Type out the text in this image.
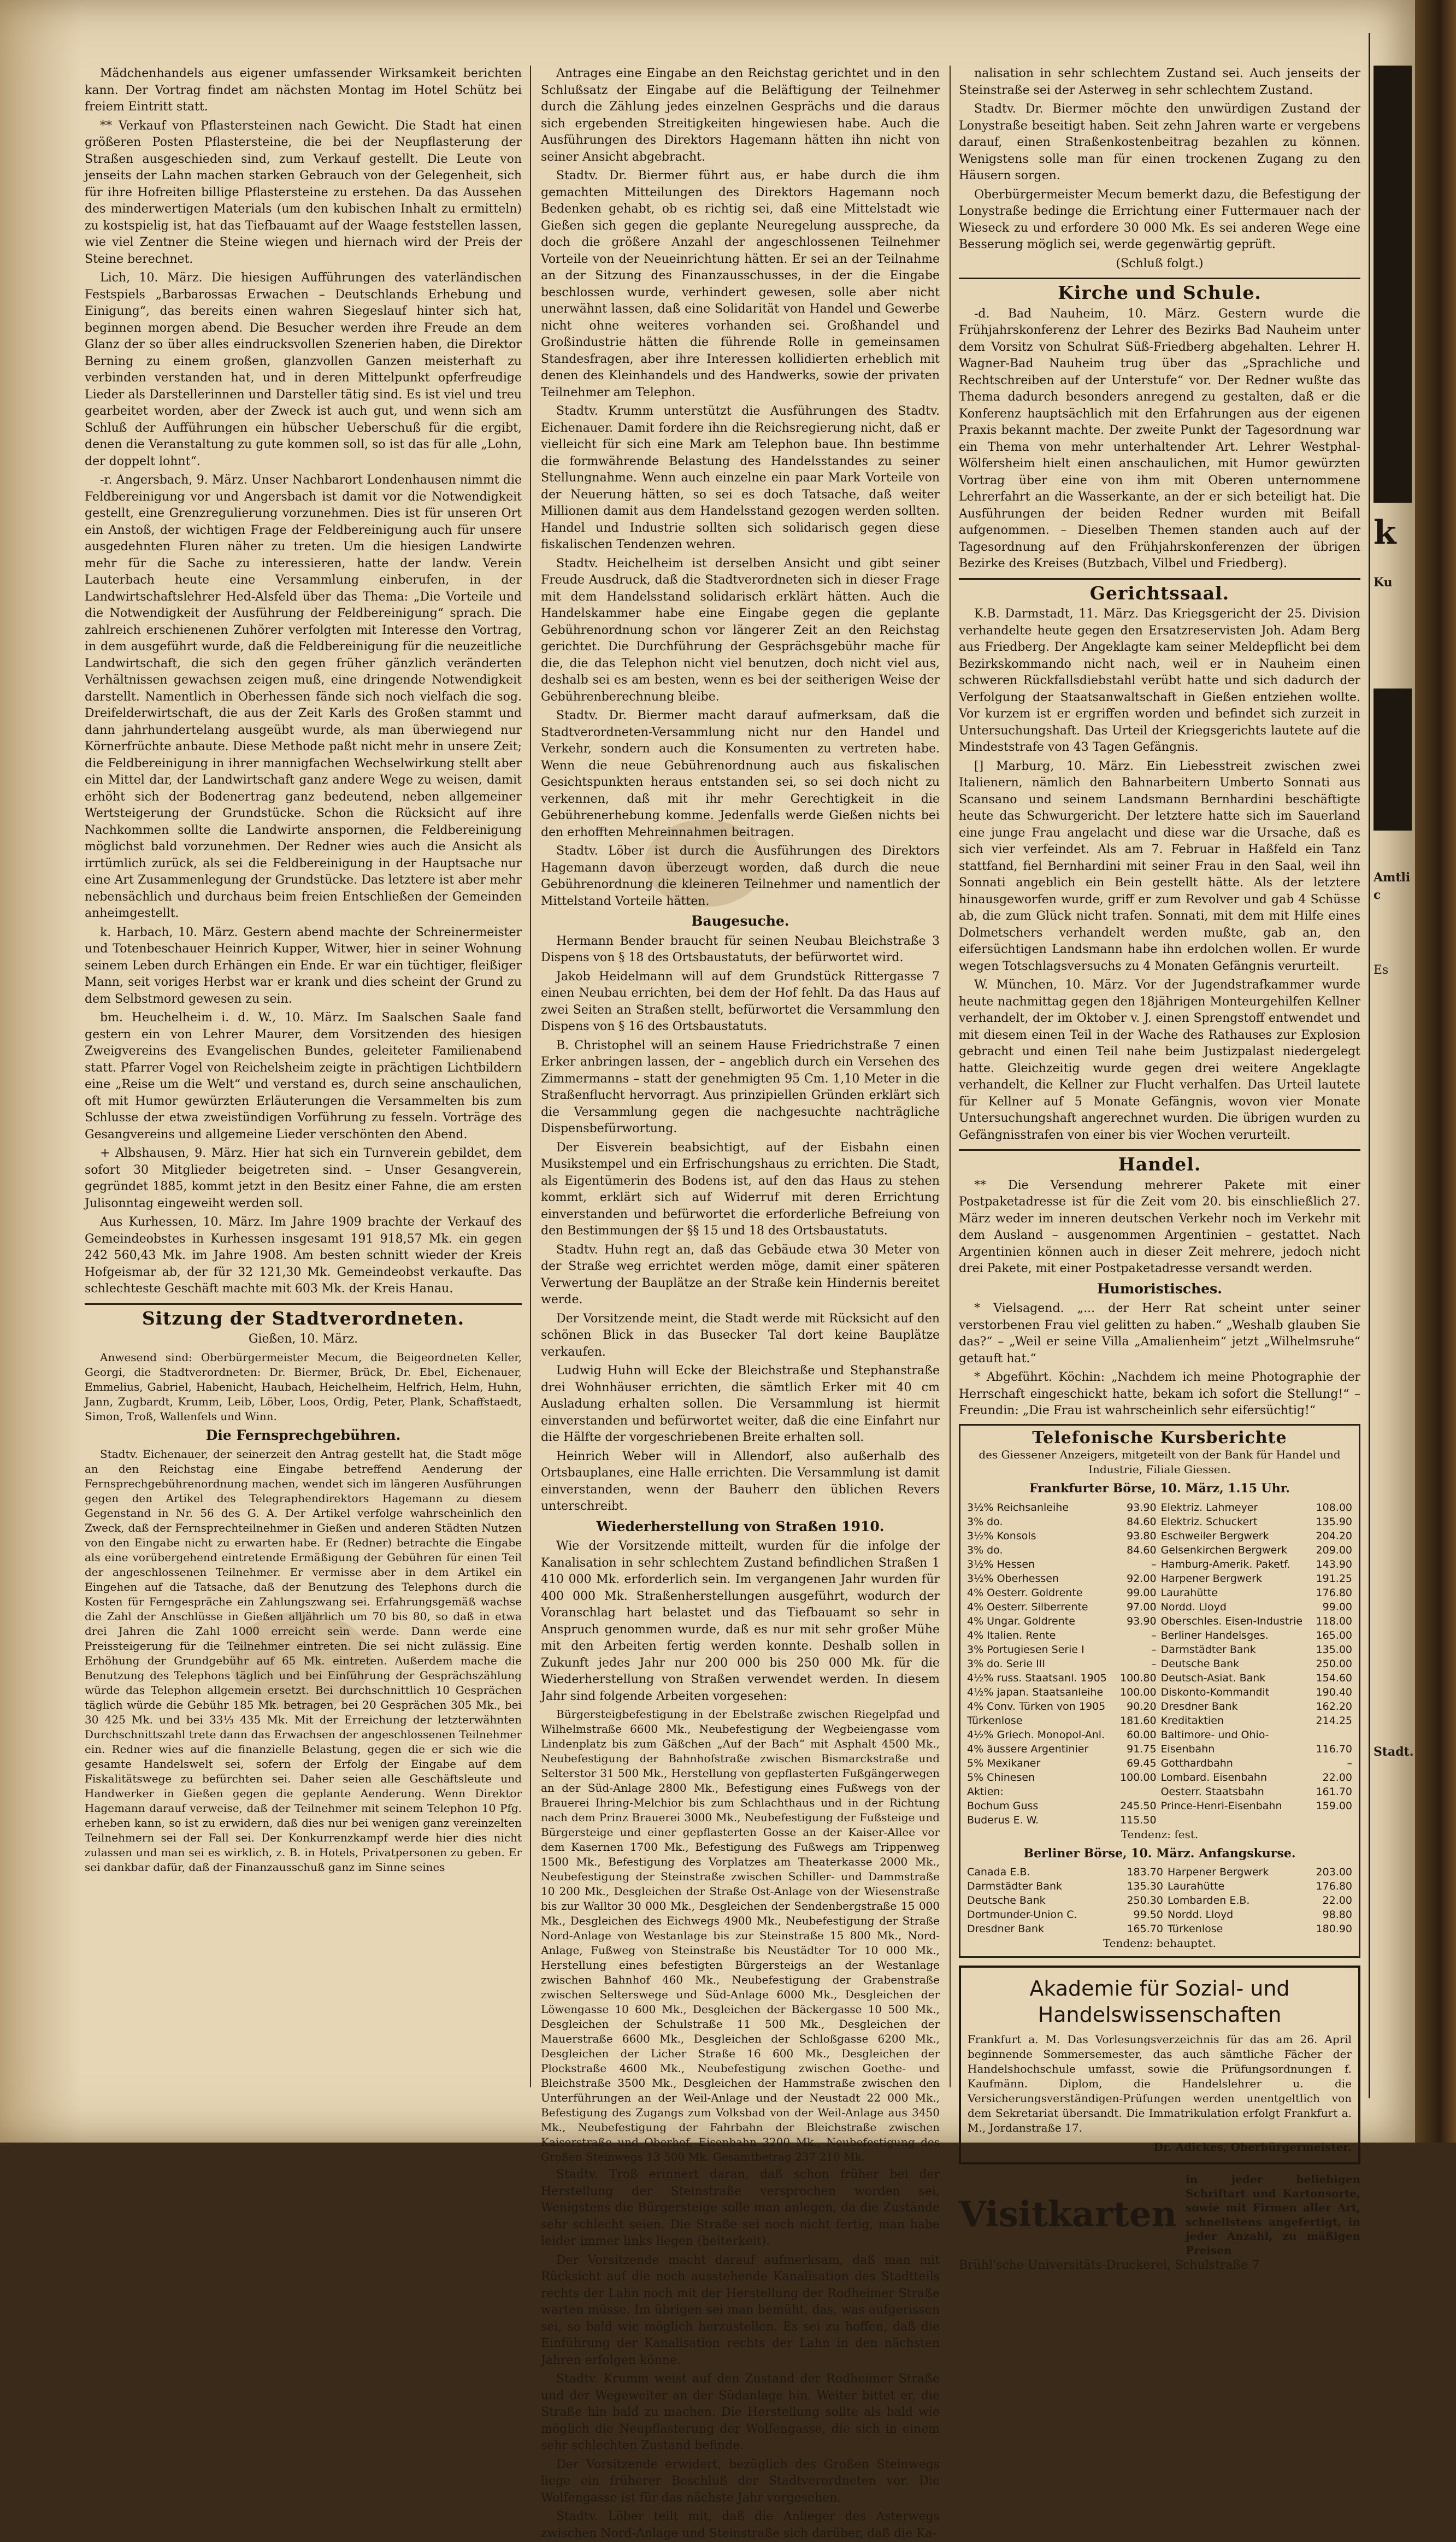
Mädchenhandels aus eigener umfassender Wirksamkeit berichten kann. Der Vortrag findet am nächsten Montag im Hotel Schütz bei freiem Eintritt statt.

** Verkauf von Pflastersteinen nach Gewicht. Die Stadt hat einen größeren Posten Pflastersteine, die bei der Neupflasterung der Straßen ausgeschieden sind, zum Verkauf gestellt. Die Leute von jenseits der Lahn machen starken Gebrauch von der Gelegenheit, sich für ihre Hofreiten billige Pflastersteine zu erstehen. Da das Aussehen des minderwertigen Materials (um den kubischen Inhalt zu ermitteln) zu kostspielig ist, hat das Tiefbauamt auf der Waage feststellen lassen, wie viel Zentner die Steine wiegen und hiernach wird der Preis der Steine berechnet.

Lich, 10. März. Die hiesigen Aufführungen des vaterländischen Festspiels „Barbarossas Erwachen – Deutschlands Erhebung und Einigung“, das bereits einen wahren Siegeslauf hinter sich hat, beginnen morgen abend. Die Besucher werden ihre Freude an dem Glanz der so über alles eindrucksvollen Szenerien haben, die Direktor Berning zu einem großen, glanzvollen Ganzen meisterhaft zu verbinden verstanden hat, und in deren Mittelpunkt opferfreudige Lieder als Darstellerinnen und Darsteller tätig sind. Es ist viel und treu gearbeitet worden, aber der Zweck ist auch gut, und wenn sich am Schluß der Aufführungen ein hübscher Ueberschuß für die ergibt, denen die Veranstaltung zu gute kommen soll, so ist das für alle „Lohn, der doppelt lohnt“.

-r. Angersbach, 9. März. Unser Nachbarort Londenhausen nimmt die Feldbereinigung vor und Angersbach ist damit vor die Notwendigkeit gestellt, eine Grenzregulierung vorzunehmen. Dies ist für unseren Ort ein Anstoß, der wichtigen Frage der Feldbereinigung auch für unsere ausgedehnten Fluren näher zu treten. Um die hiesigen Landwirte mehr für die Sache zu interessieren, hatte der landw. Verein Lauterbach heute eine Versammlung einberufen, in der Landwirtschaftslehrer Hed-Alsfeld über das Thema: „Die Vorteile und die Notwendigkeit der Ausführung der Feldbereinigung“ sprach. Die zahlreich erschienenen Zuhörer verfolgten mit Interesse den Vortrag, in dem ausgeführt wurde, daß die Feldbereinigung für die neuzeitliche Landwirtschaft, die sich den gegen früher gänzlich veränderten Verhältnissen gewachsen zeigen muß, eine dringende Notwendigkeit darstellt. Namentlich in Oberhessen fände sich noch vielfach die sog. Dreifelderwirtschaft, die aus der Zeit Karls des Großen stammt und dann jahrhundertelang ausgeübt wurde, als man überwiegend nur Körnerfrüchte anbaute. Diese Methode paßt nicht mehr in unsere Zeit; die Feldbereinigung in ihrer mannigfachen Wechselwirkung stellt aber ein Mittel dar, der Landwirtschaft ganz andere Wege zu weisen, damit erhöht sich der Bodenertrag ganz bedeutend, neben allgemeiner Wertsteigerung der Grundstücke. Schon die Rücksicht auf ihre Nachkommen sollte die Landwirte anspornen, die Feldbereinigung möglichst bald vorzunehmen. Der Redner wies auch die Ansicht als irrtümlich zurück, als sei die Feldbereinigung in der Hauptsache nur eine Art Zusammenlegung der Grundstücke. Das letztere ist aber mehr nebensächlich und durchaus beim freien Entschließen der Gemeinden anheimgestellt.

k. Harbach, 10. März. Gestern abend machte der Schreinermeister und Totenbeschauer Heinrich Kupper, Witwer, hier in seiner Wohnung seinem Leben durch Erhängen ein Ende. Er war ein tüchtiger, fleißiger Mann, seit voriges Herbst war er krank und dies scheint der Grund zu dem Selbstmord gewesen zu sein.

bm. Heuchelheim i. d. W., 10. März. Im Saalschen Saale fand gestern ein von Lehrer Maurer, dem Vorsitzenden des hiesigen Zweigvereins des Evangelischen Bundes, geleiteter Familienabend statt. Pfarrer Vogel von Reichelsheim zeigte in prächtigen Lichtbildern eine „Reise um die Welt“ und verstand es, durch seine anschaulichen, oft mit Humor gewürzten Erläuterungen die Versammelten bis zum Schlusse der etwa zweistündigen Vorführung zu fesseln. Vorträge des Gesangvereins und allgemeine Lieder verschönten den Abend.

+ Albshausen, 9. März. Hier hat sich ein Turnverein gebildet, dem sofort 30 Mitglieder beigetreten sind. – Unser Gesangverein, gegründet 1885, kommt jetzt in den Besitz einer Fahne, die am ersten Julisonntag eingeweiht werden soll.

Aus Kurhessen, 10. März. Im Jahre 1909 brachte der Verkauf des Gemeindeobstes in Kurhessen insgesamt 191 918,57 Mk. ein gegen 242 560,43 Mk. im Jahre 1908. Am besten schnitt wieder der Kreis Hofgeismar ab, der für 32 121,30 Mk. Gemeindeobst verkaufte. Das schlechteste Geschäft machte mit 603 Mk. der Kreis Hanau.

Sitzung der Stadtverordneten.

Gießen, 10. März.

Anwesend sind: Oberbürgermeister Mecum, die Beigeordneten Keller, Georgi, die Stadtverordneten: Dr. Biermer, Brück, Dr. Ebel, Eichenauer, Emmelius, Gabriel, Habenicht, Haubach, Heichelheim, Helfrich, Helm, Huhn, Jann, Zugbardt, Krumm, Leib, Löber, Loos, Ordig, Peter, Plank, Schaffstaedt, Simon, Troß, Wallenfels und Winn.

Die Fernsprechgebühren.

Stadtv. Eichenauer, der seinerzeit den Antrag gestellt hat, die Stadt möge an den Reichstag eine Eingabe betreffend Aenderung der Fernsprechgebührenordnung machen, wendet sich im längeren Ausführungen gegen den Artikel des Telegraphendirektors Hagemann zu diesem Gegenstand in Nr. 56 des G. A. Der Artikel verfolge wahrscheinlich den Zweck, daß der Fernsprechteilnehmer in Gießen und anderen Städten Nutzen von den Eingabe nicht zu erwarten habe. Er (Redner) betrachte die Eingabe als eine vorübergehend eintretende Ermäßigung der Gebühren für einen Teil der angeschlossenen Teilnehmer. Er vermisse aber in dem Artikel ein Eingehen auf die Tatsache, daß der Benutzung des Telephons durch die Kosten für Ferngespräche ein Zahlungszwang sei. Erfahrungsgemäß wachse die Zahl der Anschlüsse in Gießen alljährlich um 70 bis 80, so daß in etwa drei Jahren die Zahl 1000 erreicht sein werde. Dann werde eine Preissteigerung für die Teilnehmer eintreten. Die sei nicht zulässig. Eine Erhöhung der Grundgebühr auf 65 Mk. eintreten. Außerdem mache die Benutzung des Telephons täglich und bei Einführung der Gesprächszählung würde das Telephon allgemein ersetzt. Bei durchschnittlich 10 Gesprächen täglich würde die Gebühr 185 Mk. betragen, bei 20 Gesprächen 305 Mk., bei 30 425 Mk. und bei 33⅓ 435 Mk. Mit der Erreichung der letzterwähnten Durchschnittszahl trete dann das Erwachsen der angeschlossenen Teilnehmer ein. Redner wies auf die finanzielle Belastung, gegen die er sich wie die gesamte Handelswelt sei, sofern der Erfolg der Eingabe auf dem Fiskalitätswege zu befürchten sei. Daher seien alle Geschäftsleute und Handwerker in Gießen gegen die geplante Aenderung. Wenn Direktor Hagemann darauf verweise, daß der Teilnehmer mit seinem Telephon 10 Pfg. erheben kann, so ist zu erwidern, daß dies nur bei wenigen ganz vereinzelten Teilnehmern sei der Fall sei. Der Konkurrenzkampf werde hier dies nicht zulassen und man sei es wirklich, z. B. in Hotels, Privatpersonen zu geben. Er sei dankbar dafür, daß der Finanzausschuß ganz im Sinne seines

Antrages eine Eingabe an den Reichstag gerichtet und in den Schlußsatz der Eingabe auf die Beläftigung der Teilnehmer durch die Zählung jedes einzelnen Gesprächs und die daraus sich ergebenden Streitigkeiten hingewiesen habe. Auch die Ausführungen des Direktors Hagemann hätten ihn nicht von seiner Ansicht abgebracht.

Stadtv. Dr. Biermer führt aus, er habe durch die ihm gemachten Mitteilungen des Direktors Hagemann noch Bedenken gehabt, ob es richtig sei, daß eine Mittelstadt wie Gießen sich gegen die geplante Neuregelung ausspreche, da doch die größere Anzahl der angeschlossenen Teilnehmer Vorteile von der Neueinrichtung hätten. Er sei an der Teilnahme an der Sitzung des Finanzausschusses, in der die Eingabe beschlossen wurde, verhindert gewesen, solle aber nicht unerwähnt lassen, daß eine Solidarität von Handel und Gewerbe nicht ohne weiteres vorhanden sei. Großhandel und Großindustrie hätten die führende Rolle in gemeinsamen Standesfragen, aber ihre Interessen kollidierten erheblich mit denen des Kleinhandels und des Handwerks, sowie der privaten Teilnehmer am Telephon.

Stadtv. Krumm unterstützt die Ausführungen des Stadtv. Eichenauer. Damit fordere ihn die Reichsregierung nicht, daß er vielleicht für sich eine Mark am Telephon baue. Ihn bestimme die formwährende Belastung des Handelsstandes zu seiner Stellungnahme. Wenn auch einzelne ein paar Mark Vorteile von der Neuerung hätten, so sei es doch Tatsache, daß weiter Millionen damit aus dem Handelsstand gezogen werden sollten. Handel und Industrie sollten sich solidarisch gegen diese fiskalischen Tendenzen wehren.

Stadtv. Heichelheim ist derselben Ansicht und gibt seiner Freude Ausdruck, daß die Stadtverordneten sich in dieser Frage mit dem Handelsstand solidarisch erklärt hätten. Auch die Handelskammer habe eine Eingabe gegen die geplante Gebührenordnung schon vor längerer Zeit an den Reichstag gerichtet. Die Durchführung der Gesprächsgebühr mache für die, die das Telephon nicht viel benutzen, doch nicht viel aus, deshalb sei es am besten, wenn es bei der seitherigen Weise der Gebührenberechnung bleibe.

Stadtv. Dr. Biermer macht darauf aufmerksam, daß die Stadtverordneten-Versammlung nicht nur den Handel und Verkehr, sondern auch die Konsumenten zu vertreten habe. Wenn die neue Gebührenordnung auch aus fiskalischen Gesichtspunkten heraus entstanden sei, so sei doch nicht zu verkennen, daß mit ihr mehr Gerechtigkeit in die Gebührenerhebung komme. Jedenfalls werde Gießen nichts bei den erhofften Mehreinnahmen beitragen.

Stadtv. Löber ist durch die Ausführungen des Direktors Hagemann davon überzeugt worden, daß durch die neue Gebührenordnung die kleineren Teilnehmer und namentlich der Mittelstand Vorteile hätten.

Baugesuche.

Hermann Bender braucht für seinen Neubau Bleichstraße 3 Dispens von § 18 des Ortsbaustatuts, der befürwortet wird.

Jakob Heidelmann will auf dem Grundstück Rittergasse 7 einen Neubau errichten, bei dem der Hof fehlt. Da das Haus auf zwei Seiten an Straßen stellt, befürwortet die Versammlung den Dispens von § 16 des Ortsbaustatuts.

B. Christophel will an seinem Hause Friedrichstraße 7 einen Erker anbringen lassen, der – angeblich durch ein Versehen des Zimmermanns – statt der genehmigten 95 Cm. 1,10 Meter in die Straßenflucht hervorragt. Aus prinzipiellen Gründen erklärt sich die Versammlung gegen die nachgesuchte nachträgliche Dispensbefürwortung.

Der Eisverein beabsichtigt, auf der Eisbahn einen Musikstempel und ein Erfrischungshaus zu errichten. Die Stadt, als Eigentümerin des Bodens ist, auf den das Haus zu stehen kommt, erklärt sich auf Widerruf mit deren Errichtung einverstanden und befürwortet die erforderliche Befreiung von den Bestimmungen der §§ 15 und 18 des Ortsbaustatuts.

Stadtv. Huhn regt an, daß das Gebäude etwa 30 Meter von der Straße weg errichtet werden möge, damit einer späteren Verwertung der Bauplätze an der Straße kein Hindernis bereitet werde.

Der Vorsitzende meint, die Stadt werde mit Rücksicht auf den schönen Blick in das Busecker Tal dort keine Bauplätze verkaufen.

Ludwig Huhn will Ecke der Bleichstraße und Stephanstraße drei Wohnhäuser errichten, die sämtlich Erker mit 40 cm Ausladung erhalten sollen. Die Versammlung ist hiermit einverstanden und befürwortet weiter, daß die eine Einfahrt nur die Hälfte der vorgeschriebenen Breite erhalten soll.

Heinrich Weber will in Allendorf, also außerhalb des Ortsbauplanes, eine Halle errichten. Die Versammlung ist damit einverstanden, wenn der Bauherr den üblichen Revers unterschreibt.

Wiederherstellung von Straßen 1910.

Wie der Vorsitzende mitteilt, wurden für die infolge der Kanalisation in sehr schlechtem Zustand befindlichen Straßen 1 410 000 Mk. erforderlich sein. Im vergangenen Jahr wurden für 400 000 Mk. Straßenherstellungen ausgeführt, wodurch der Voranschlag hart belastet und das Tiefbauamt so sehr in Anspruch genommen wurde, daß es nur mit sehr großer Mühe mit den Arbeiten fertig werden konnte. Deshalb sollen in Zukunft jedes Jahr nur 200 000 bis 250 000 Mk. für die Wiederherstellung von Straßen verwendet werden. In diesem Jahr sind folgende Arbeiten vorgesehen:

Bürgersteigbefestigung in der Ebelstraße zwischen Riegelpfad und Wilhelmstraße 6600 Mk., Neubefestigung der Wegbeiengasse vom Lindenplatz bis zum Gäßchen „Auf der Bach“ mit Asphalt 4500 Mk., Neubefestigung der Bahnhofstraße zwischen Bismarckstraße und Selterstor 31 500 Mk., Herstellung von gepflasterten Fußgängerwegen an der Süd-Anlage 2800 Mk., Befestigung eines Fußwegs von der Brauerei Ihring-Melchior bis zum Schlachthaus und in der Richtung nach dem Prinz Brauerei 3000 Mk., Neubefestigung der Fußsteige und Bürgersteige und einer gepflasterten Gosse an der Kaiser-Allee vor dem Kasernen 1700 Mk., Befestigung des Fußwegs am Trippenweg 1500 Mk., Befestigung des Vorplatzes am Theaterkasse 2000 Mk., Neubefestigung der Steinstraße zwischen Schiller- und Dammstraße 10 200 Mk., Desgleichen der Straße Ost-Anlage von der Wiesenstraße bis zur Walltor 30 000 Mk., Desgleichen der Sendenbergstraße 15 000 Mk., Desgleichen des Eichwegs 4900 Mk., Neubefestigung der Straße Nord-Anlage von Westanlage bis zur Steinstraße 15 800 Mk., Nord-Anlage, Fußweg von Steinstraße bis Neustädter Tor 10 000 Mk., Herstellung eines befestigten Bürgersteigs an der Westanlage zwischen Bahnhof 460 Mk., Neubefestigung der Grabenstraße zwischen Selterswege und Süd-Anlage 6000 Mk., Desgleichen der Löwengasse 10 600 Mk., Desgleichen der Bäckergasse 10 500 Mk., Desgleichen der Schulstraße 11 500 Mk., Desgleichen der Mauerstraße 6600 Mk., Desgleichen der Schloßgasse 6200 Mk., Desgleichen der Licher Straße 16 600 Mk., Desgleichen der Plockstraße 4600 Mk., Neubefestigung zwischen Goethe- und Bleichstraße 3500 Mk., Desgleichen der Hammstraße zwischen den Unterführungen an der Weil-Anlage und der Neustadt 22 000 Mk., Befestigung des Zugangs zum Volksbad von der Weil-Anlage aus 3450 Mk., Neubefestigung der Fahrbahn der Bleichstraße zwischen Kaiserstraße und Oberhof, Eisenbahn 3200 Mk., Neubefestigung des Großen Steinwegs 13 500 Mk. Gesamtbetrag 237 210 Mk.

Stadtv. Troß erinnert daran, daß schon früher bei der Herstellung der Steinstraße versprochen worden sei, Wenigstens die Bürgersteige solle man anlegen, da die Zustände sehr schlecht seien. Die Straße sei noch nicht fertig, man habe leider immer links liegen (heiterkeit).

Der Vorsitzende macht darauf aufmerksam, daß man mit Rücksicht auf die noch ausstehende Kanalisation des Stadtteils rechts der Lahn noch mit der Herstellung der Rodheimer Straße warten müsse. Im übrigen sei man bemüht, das, was aufgerissen sei, so bald wie möglich herzustellen. Es sei zu hoffen, daß die Einführung der Kanalisation rechts der Lahn in den nächsten Jahren erfolgen könne.

Stadtv. Krumm weist auf den Zustand der Rodheimer Straße und der Wegeweiter an der Südanlage hin. Weiter bittet er, die Straße hin bald zu machen. Die Herstellung sollte als bald wie möglich die Neupflasterung der Wolfengasse, die sich in einem sehr schlechten Zustand befinde.

Der Vorsitzende erwidert, bezüglich des Großen Steinwegs liege ein früherer Beschluß der Stadtverordneten vor. Die Wolfengasse ist für das nächste Jahr vorgesehen.

Stadtv. Löber teilt mit, daß die Anlieger des Asterwegs zwischen Nord-Anlage und Steinstraße sich darüber, daß die Ka-

nalisation in sehr schlechtem Zustand sei. Auch jenseits der Steinstraße sei der Asterweg in sehr schlechtem Zustand.

Stadtv. Dr. Biermer möchte den unwürdigen Zustand der Lonystraße beseitigt haben. Seit zehn Jahren warte er vergebens darauf, einen Straßenkostenbeitrag bezahlen zu können. Wenigstens solle man für einen trockenen Zugang zu den Häusern sorgen.

Oberbürgermeister Mecum bemerkt dazu, die Befestigung der Lonystraße bedinge die Errichtung einer Futtermauer nach der Wieseck zu und erfordere 30 000 Mk. Es sei anderen Wege eine Besserung möglich sei, werde gegenwärtig geprüft.

(Schluß folgt.)

Kirche und Schule.

-d. Bad Nauheim, 10. März. Gestern wurde die Frühjahrskonferenz der Lehrer des Bezirks Bad Nauheim unter dem Vorsitz von Schulrat Süß-Friedberg abgehalten. Lehrer H. Wagner-Bad Nauheim trug über das „Sprachliche und Rechtschreiben auf der Unterstufe“ vor. Der Redner wußte das Thema dadurch besonders anregend zu gestalten, daß er die Konferenz hauptsächlich mit den Erfahrungen aus der eigenen Praxis bekannt machte. Der zweite Punkt der Tagesordnung war ein Thema von mehr unterhaltender Art. Lehrer Westphal-Wölfersheim hielt einen anschaulichen, mit Humor gewürzten Vortrag über eine von ihm mit Oberen unternommene Lehrerfahrt an die Wasserkante, an der er sich beteiligt hat. Die Ausführungen der beiden Redner wurden mit Beifall aufgenommen. – Dieselben Themen standen auch auf der Tagesordnung auf den Frühjahrskonferenzen der übrigen Bezirke des Kreises (Butzbach, Vilbel und Friedberg).

Gerichtssaal.

K.B. Darmstadt, 11. März. Das Kriegsgericht der 25. Division verhandelte heute gegen den Ersatzreservisten Joh. Adam Berg aus Friedberg. Der Angeklagte kam seiner Meldepflicht bei dem Bezirkskommando nicht nach, weil er in Nauheim einen schweren Rückfallsdiebstahl verübt hatte und sich dadurch der Verfolgung der Staatsanwaltschaft in Gießen entziehen wollte. Vor kurzem ist er ergriffen worden und befindet sich zurzeit in Untersuchungshaft. Das Urteil der Kriegsgerichts lautete auf die Mindeststrafe von 43 Tagen Gefängnis.

[] Marburg, 10. März. Ein Liebesstreit zwischen zwei Italienern, nämlich den Bahnarbeitern Umberto Sonnati aus Scansano und seinem Landsmann Bernhardini beschäftigte heute das Schwurgericht. Der letztere hatte sich im Sauerland eine junge Frau angelacht und diese war die Ursache, daß es sich vier verfeindet. Als am 7. Februar in Haßfeld ein Tanz stattfand, fiel Bernhardini mit seiner Frau in den Saal, weil ihn Sonnati angeblich ein Bein gestellt hätte. Als der letztere hinausgeworfen wurde, griff er zum Revolver und gab 4 Schüsse ab, die zum Glück nicht trafen. Sonnati, mit dem mit Hilfe eines Dolmetschers verhandelt werden mußte, gab an, den eifersüchtigen Landsmann habe ihn erdolchen wollen. Er wurde wegen Totschlagsversuchs zu 4 Monaten Gefängnis verurteilt.

W. München, 10. März. Vor der Jugendstrafkammer wurde heute nachmittag gegen den 18jährigen Monteurgehilfen Kellner verhandelt, der im Oktober v. J. einen Sprengstoff entwendet und mit diesem einen Teil in der Wache des Rathauses zur Explosion gebracht und einen Teil nahe beim Justizpalast niedergelegt hatte. Gleichzeitig wurde gegen drei weitere Angeklagte verhandelt, die Kellner zur Flucht verhalfen. Das Urteil lautete für Kellner auf 5 Monate Gefängnis, wovon vier Monate Untersuchungshaft angerechnet wurden. Die übrigen wurden zu Gefängnisstrafen von einer bis vier Wochen verurteilt.

Handel.

** Die Versendung mehrerer Pakete mit einer Postpaketadresse ist für die Zeit vom 20. bis einschließlich 27. März weder im inneren deutschen Verkehr noch im Verkehr mit dem Ausland – ausgenommen Argentinien – gestattet. Nach Argentinien können auch in dieser Zeit mehrere, jedoch nicht drei Pakete, mit einer Postpaketadresse versandt werden.

Humoristisches.

* Vielsagend. „... der Herr Rat scheint unter seiner verstorbenen Frau viel gelitten zu haben.“ „Weshalb glauben Sie das?“ – „Weil er seine Villa „Amalienheim“ jetzt „Wilhelmsruhe“ getauft hat.“

* Abgeführt. Köchin: „Nachdem ich meine Photographie der Herrschaft eingeschickt hatte, bekam ich sofort die Stellung!“ – Freundin: „Die Frau ist wahrscheinlich sehr eifersüchtig!“

Telefonische Kursberichte

des Giessener Anzeigers, mitgeteilt von der Bank für Handel und Industrie, Filiale Giessen.

Frankfurter Börse, 10. März, 1.15 Uhr.
3½% Reichsanleihe	93.90	Elektriz. Lahmeyer	108.00
3% do.	84.60	Elektriz. Schuckert	135.90
3½% Konsols	93.80	Eschweiler Bergwerk	204.20
3% do.	84.60	Gelsenkirchen Bergwerk	209.00
3½% Hessen	–	Hamburg-Amerik. Paketf.	143.90
3½% Oberhessen	92.00	Harpener Bergwerk	191.25
4% Oesterr. Goldrente	99.00	Laurahütte	176.80
4% Oesterr. Silberrente	97.00	Nordd. Lloyd	99.00
4% Ungar. Goldrente	93.90	Oberschles. Eisen-Industrie	118.00
4% Italien. Rente	–	Berliner Handelsges.	165.00
3% Portugiesen Serie I	–	Darmstädter Bank	135.00
3% do. Serie III	–	Deutsche Bank	250.00
4½% russ. Staatsanl. 1905	100.80	Deutsch-Asiat. Bank	154.60
4½% japan. Staatsanleihe	100.00	Diskonto-Kommandit	190.40
4% Conv. Türken von 1905	90.20	Dresdner Bank	162.20
Türkenlose	181.60	Kreditaktien	214.25
4½% Griech. Monopol-Anl.	60.00	Baltimore- und Ohio-	
4% äussere Argentinier	91.75	Eisenbahn	116.70
5% Mexikaner	69.45	Gotthardbahn	–
5% Chinesen	100.00	Lombard. Eisenbahn	22.00
Aktien:		Oesterr. Staatsbahn	161.70
Bochum Guss	245.50	Prince-Henri-Eisenbahn	159.00
Buderus E. W.	115.50		

Tendenz: fest.

Berliner Börse, 10. März. Anfangskurse.
Canada E.B.	183.70	Harpener Bergwerk	203.00
Darmstädter Bank	135.30	Laurahütte	176.80
Deutsche Bank	250.30	Lombarden E.B.	22.00
Dortmunder-Union C.	99.50	Nordd. Lloyd	98.80
Dresdner Bank	165.70	Türkenlose	180.90

Tendenz: behauptet.

Akademie für Sozial- und
Handelswissenschaften
Frankfurt a. M. Das Vorlesungsverzeichnis für das am 26. April beginnende Sommersemester, das auch sämtliche Fächer der Handelshochschule umfasst, sowie die Prüfungsordnungen f. Kaufmänn. Diplom, die Handelslehrer u. die Versicherungsverständigen-Prüfungen werden unentgeltlich von dem Sekretariat übersandt. Die Immatrikulation erfolgt Frankfurt a. M., Jordanstraße 17.
Dr. Adickes, Oberbürgermeister.
Visitkarten
in jeder beliebigen Schriftart und Kartonsorte, sowie mit Firmen aller Art, schnellstens angefertigt, in jeder Anzahl, zu mäßigen Preisen
Brühl'sche Universitäts-Druckerei, Schulstraße 7
k
Ku
Amtlic
Es
Stadt.
